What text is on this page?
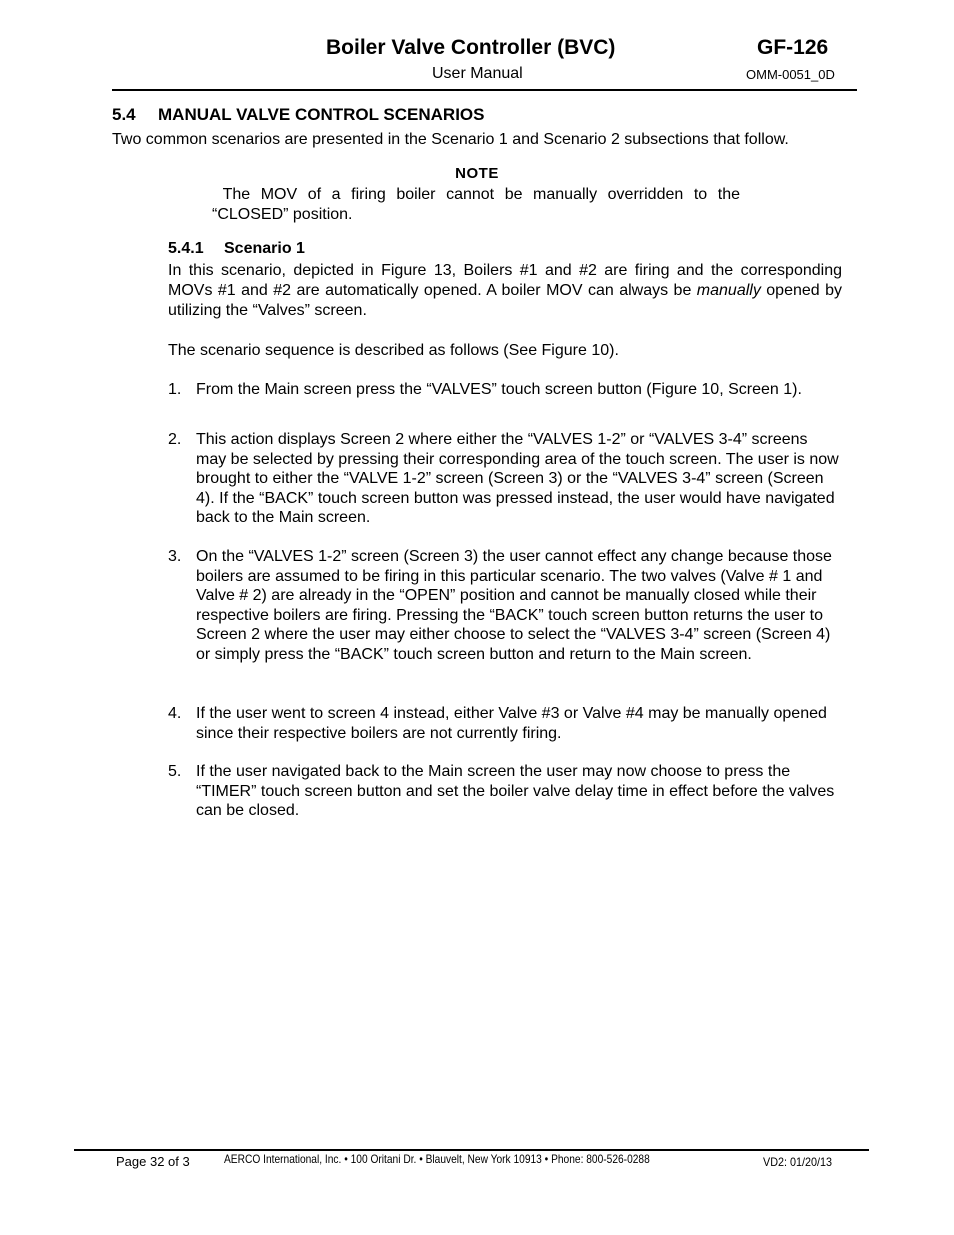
Boiler Valve Controller (BVC)	GF-126
User Manual	OMM-0051_0D
5.4 MANUAL VALVE CONTROL SCENARIOS
Two common scenarios are presented in the Scenario 1 and Scenario 2 subsections that follow.
NOTE
The MOV of a firing boiler cannot be manually overridden to the “CLOSED” position.
5.4.1 Scenario 1
In this scenario, depicted in Figure 13, Boilers #1 and #2 are firing and the corresponding MOVs #1 and #2 are automatically opened. A boiler MOV can always be manually opened by utilizing the “Valves” screen.
The scenario sequence is described as follows (See Figure 10).
1. From the Main screen press the “VALVES” touch screen button (Figure 10, Screen 1).
2. This action displays Screen 2 where either the “VALVES 1-2” or “VALVES 3-4” screens may be selected by pressing their corresponding area of the touch screen. The user is now brought to either the “VALVE 1-2” screen (Screen 3) or the “VALVES 3-4” screen (Screen 4). If the “BACK” touch screen button was pressed instead, the user would have navigated back to the Main screen.
3. On the “VALVES 1-2” screen (Screen 3) the user cannot effect any change because those boilers are assumed to be firing in this particular scenario. The two valves (Valve # 1 and Valve # 2) are already in the “OPEN” position and cannot be manually closed while their respective boilers are firing. Pressing the “BACK” touch screen button returns the user to Screen 2 where the user may either choose to select the “VALVES 3-4” screen (Screen 4) or simply press the “BACK” touch screen button and return to the Main screen.
4. If the user went to screen 4 instead, either Valve #3 or Valve #4 may be manually opened since their respective boilers are not currently firing.
5. If the user navigated back to the Main screen the user may now choose to press the “TIMER” touch screen button and set the boiler valve delay time in effect before the valves can be closed.
Page 32 of 3	AERCO International, Inc. • 100 Oritani Dr. • Blauvelt, New York 10913 • Phone: 800-526-0288	VD2: 01/20/13
